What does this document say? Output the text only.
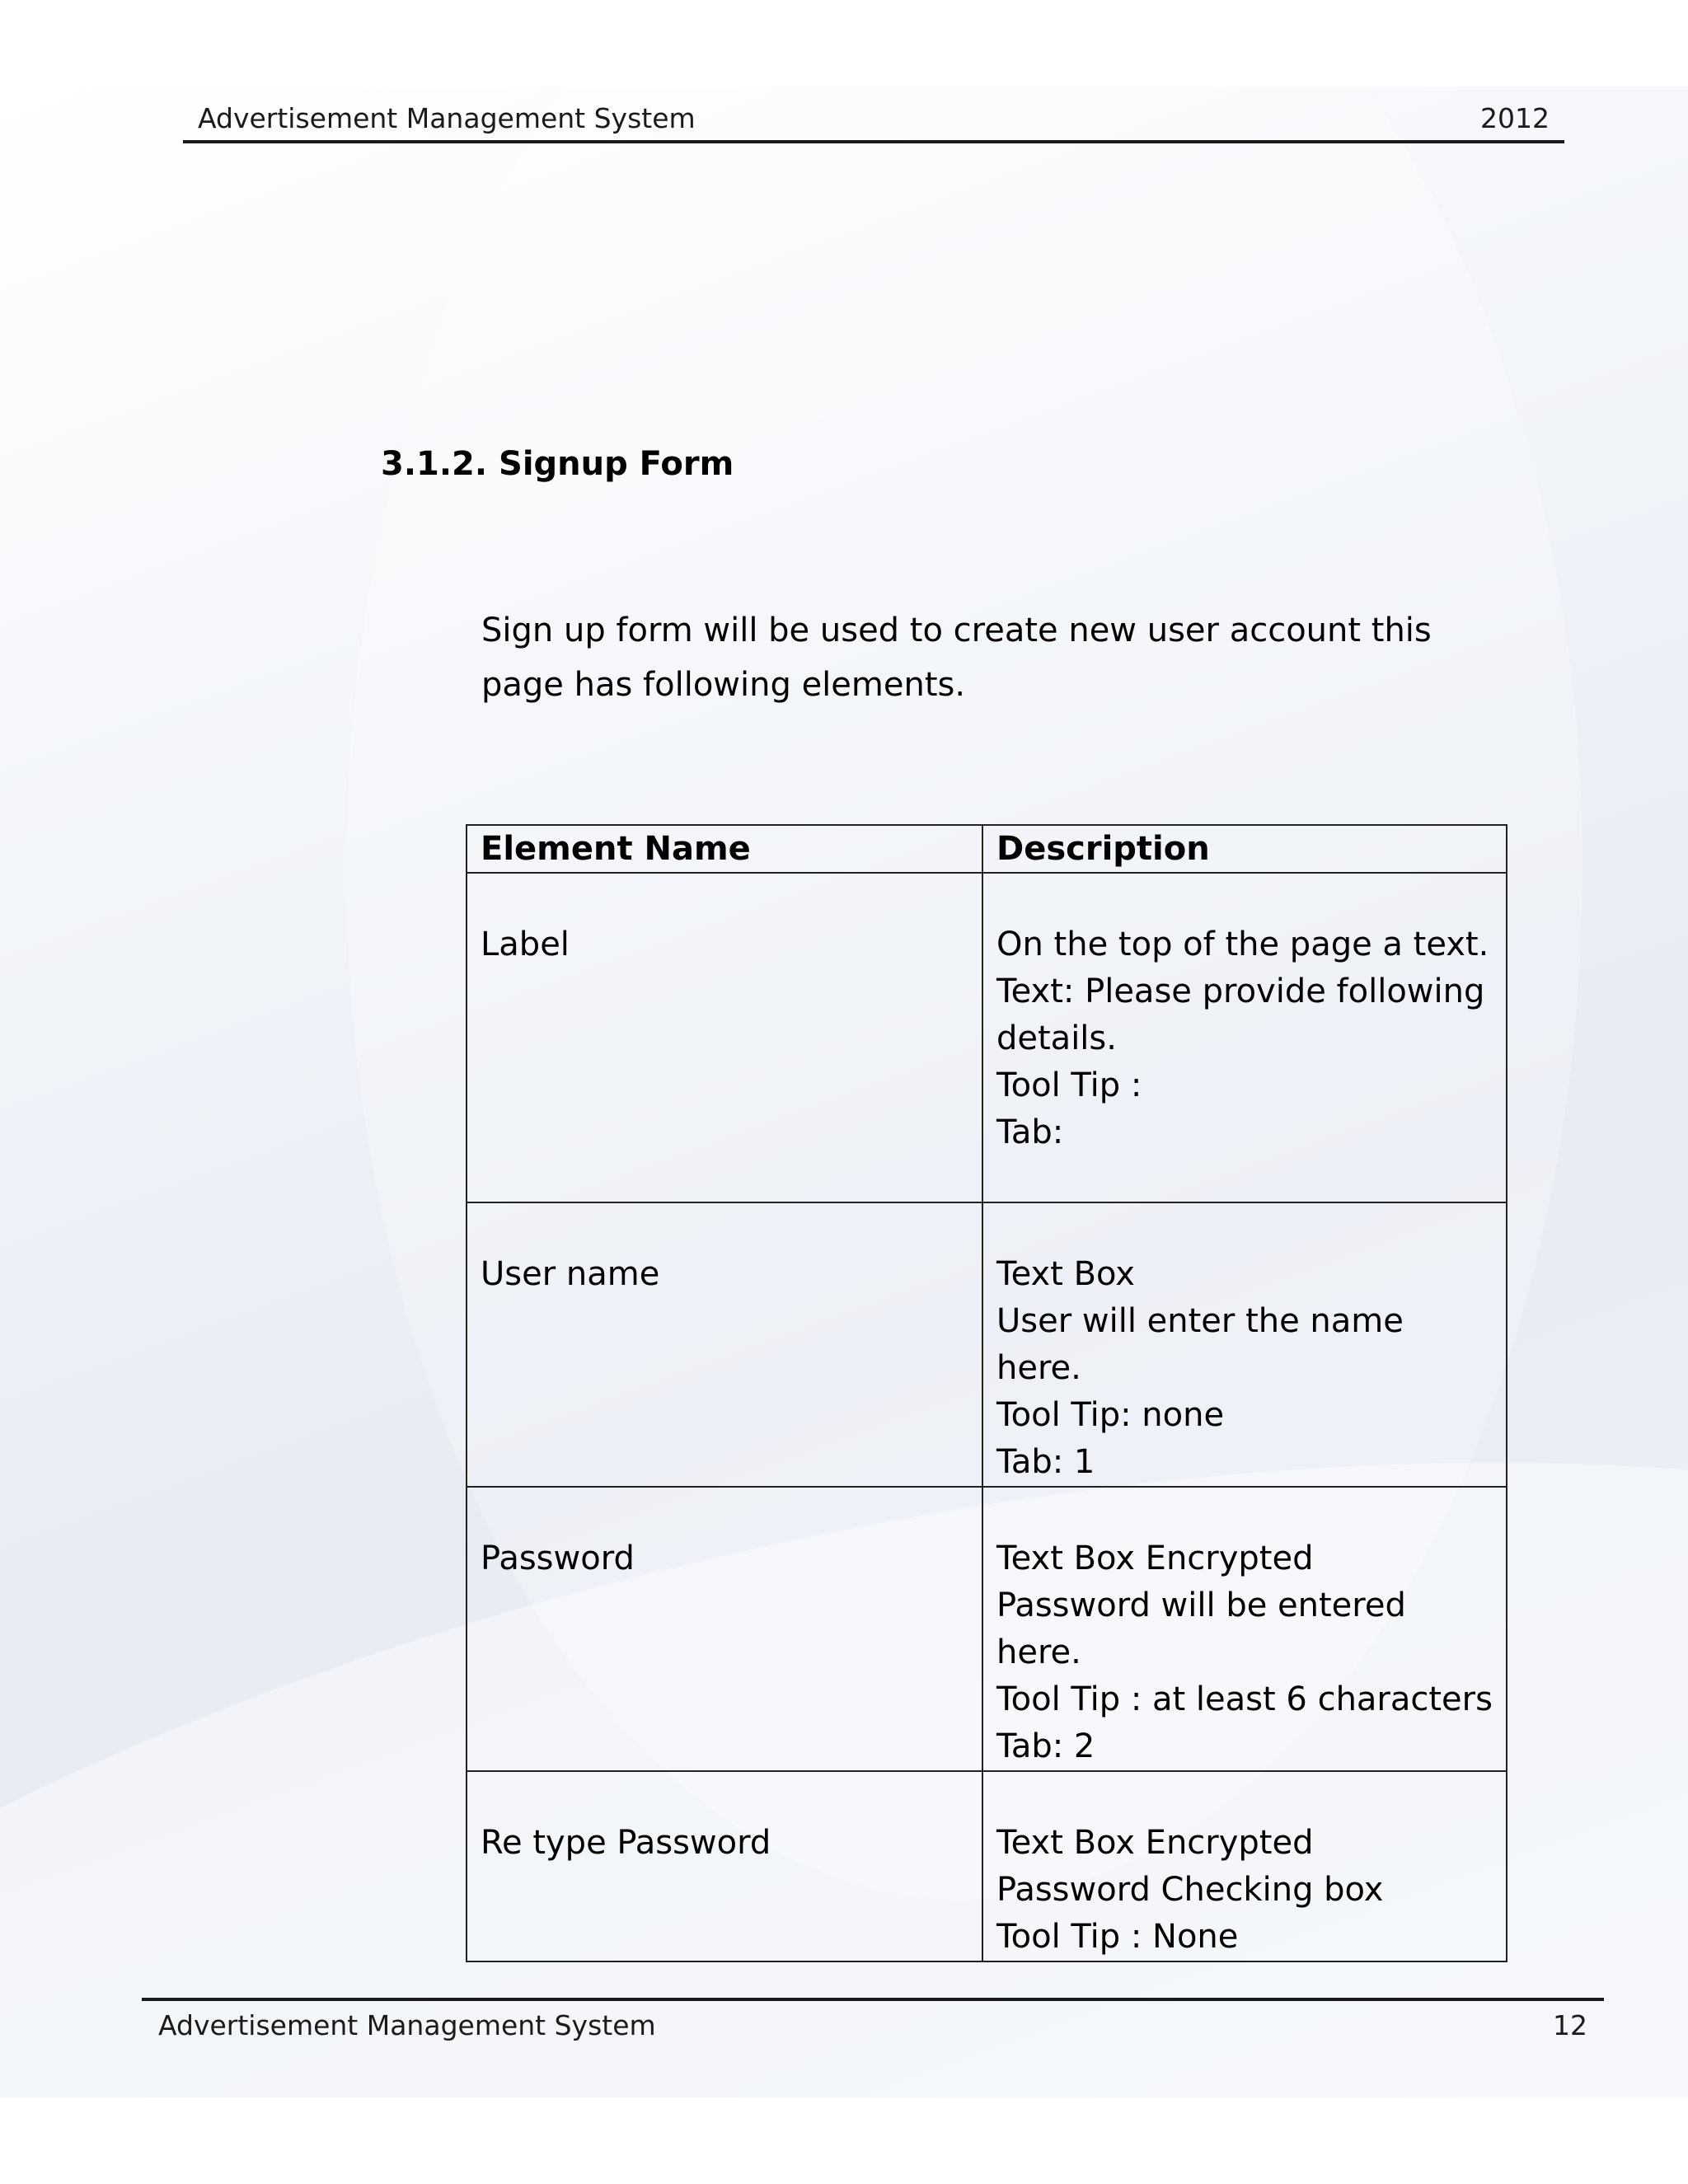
Advertisement Management System	2012
3.1.2. Signup Form
Sign up form will be used to create new user account this page has following elements.
Element Name	Description

Label	On the top of the page a text.
Text: Please provide following
details.
Tool Tip :
Tab:

User name	Text Box
User will enter the name here.
Tool Tip: none
Tab: 1

Password	Text Box Encrypted
Password will be entered here.
Tool Tip : at least 6 characters
Tab: 2

Re type Password	Text Box Encrypted
Password Checking box
Tool Tip : None
Advertisement Management System	12
